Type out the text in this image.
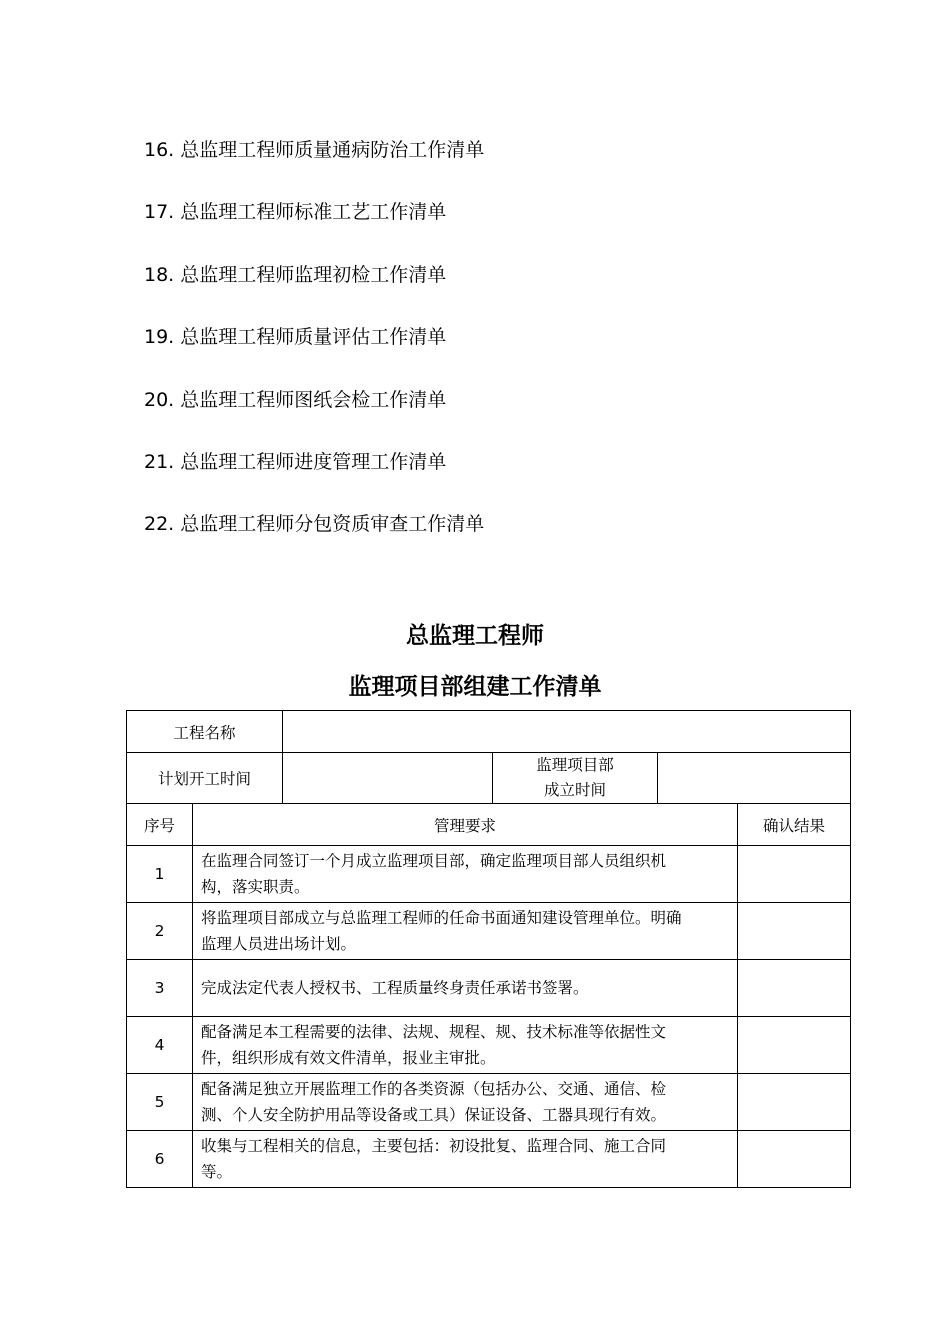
16. 总监理工程师质量通病防治工作清单
17. 总监理工程师标准工艺工作清单
18. 总监理工程师监理初检工作清单
19. 总监理工程师质量评估工作清单
20. 总监理工程师图纸会检工作清单
21. 总监理工程师进度管理工作清单
22. 总监理工程师分包资质审查工作清单
总监理工程师
监理项目部组建工作清单
工程名称					
计划开工时间			监理项目部
成立时间		

序号	管理要求				确认结果
1	在监理合同签订一个月成立监理项目部，确定监理项目部人员组织机
构，落实职责。				

2	将监理项目部成立与总监理工程师的任命书面通知建设管理单位。明确
监理人员进出场计划。				

3	完成法定代表人授权书、工程质量终身责任承诺书签署。				

4	配备满足本工程需要的法律、法规、规程、规、技术标准等依据性文
件，组织形成有效文件清单，报业主审批。				

5	配备满足独立开展监理工作的各类资源（包括办公、交通、通信、检
测、个人安全防护用品等设备或工具）保证设备、工器具现行有效。				

6	收集与工程相关的信息，主要包括：初设批复、监理合同、施工合同
等。				
